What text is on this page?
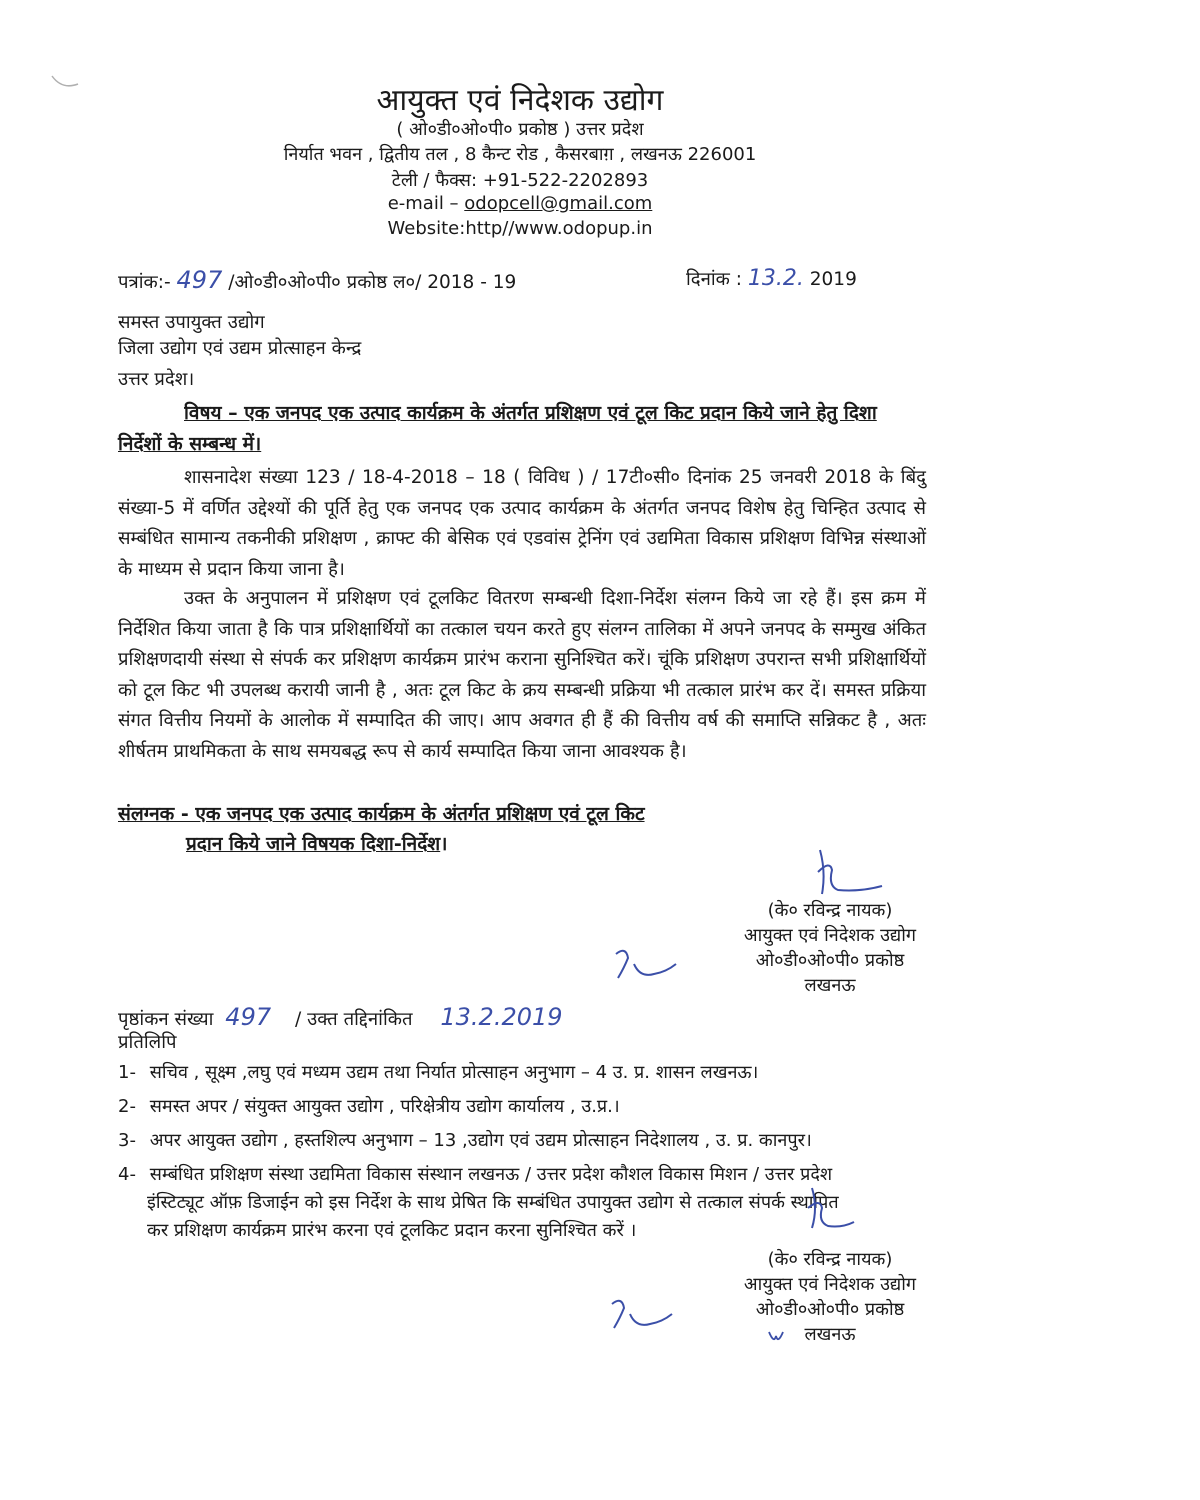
आयुक्त एवं निदेशक उद्योग
( ओ०डी०ओ०पी० प्रकोष्ठ ) उत्तर प्रदेश
निर्यात भवन , द्वितीय तल , 8 कैन्ट रोड , कैसरबाग़ , लखनऊ 226001
टेली / फैक्स: +91-522-2202893
e-mail – odopcell@gmail.com
Website:http//www.odopup.in
पत्रांक:- 497 /ओ०डी०ओ०पी० प्रकोष्ठ ल०/ 2018 - 19	दिनांक : 13.2. 2019
समस्त उपायुक्त उद्योग
जिला उद्योग एवं उद्यम प्रोत्साहन केन्द्र
उत्तर प्रदेश।
विषय – एक जनपद एक उत्पाद कार्यक्रम के अंतर्गत प्रशिक्षण एवं टूल किट प्रदान किये जाने हेतु दिशा
निर्देशों के सम्बन्ध में।
शासनादेश संख्या 123 / 18-4-2018 – 18 ( विविध ) / 17टी०सी० दिनांक 25 जनवरी 2018 के बिंदु संख्या-5 में वर्णित उद्देश्यों की पूर्ति हेतु एक जनपद एक उत्पाद कार्यक्रम के अंतर्गत जनपद विशेष हेतु चिन्हित उत्पाद से सम्बंधित सामान्य तकनीकी प्रशिक्षण , क्राफ्ट की बेसिक एवं एडवांस ट्रेनिंग एवं उद्यमिता विकास प्रशिक्षण विभिन्न संस्थाओं के माध्यम से प्रदान किया जाना है।
उक्त के अनुपालन में प्रशिक्षण एवं टूलकिट वितरण सम्बन्धी दिशा-निर्देश संलग्न किये जा रहे हैं। इस क्रम में निर्देशित किया जाता है कि पात्र प्रशिक्षार्थियों का तत्काल चयन करते हुए संलग्न तालिका में अपने जनपद के सम्मुख अंकित प्रशिक्षणदायी संस्था से संपर्क कर प्रशिक्षण कार्यक्रम प्रारंभ कराना सुनिश्चित करें। चूंकि प्रशिक्षण उपरान्त सभी प्रशिक्षार्थियों को टूल किट भी उपलब्ध करायी जानी है , अतः टूल किट के क्रय सम्बन्धी प्रक्रिया भी तत्काल प्रारंभ कर दें। समस्त प्रक्रिया संगत वित्तीय नियमों के आलोक में सम्पादित की जाए। आप अवगत ही हैं की वित्तीय वर्ष की समाप्ति सन्निकट है , अतः शीर्षतम प्राथमिकता के साथ समयबद्ध रूप से कार्य सम्पादित किया जाना आवश्यक है।
संलग्नक - एक जनपद एक उत्पाद कार्यक्रम के अंतर्गत प्रशिक्षण एवं टूल किट
प्रदान किये जाने विषयक दिशा-निर्देश।
(के० रविन्द्र नायक)
आयुक्त एवं निदेशक उद्योग
ओ०डी०ओ०पी० प्रकोष्ठ
लखनऊ
पृष्ठांकन संख्या 497 / उक्त तद्दिनांकित 13.2.2019
प्रतिलिपि
1- सचिव , सूक्ष्म ,लघु एवं मध्यम उद्यम तथा निर्यात प्रोत्साहन अनुभाग – 4 उ. प्र. शासन लखनऊ।
2- समस्त अपर / संयुक्त आयुक्त उद्योग , परिक्षेत्रीय उद्योग कार्यालय , उ.प्र.।
3- अपर आयुक्त उद्योग , हस्तशिल्प अनुभाग – 13 ,उद्योग एवं उद्यम प्रोत्साहन निदेशालय , उ. प्र. कानपुर।
4- सम्बंधित प्रशिक्षण संस्था उद्यमिता विकास संस्थान लखनऊ / उत्तर प्रदेश कौशल विकास मिशन / उत्तर प्रदेश
इंस्टिट्यूट ऑफ़ डिजाईन को इस निर्देश के साथ प्रेषित कि सम्बंधित उपायुक्त उद्योग से तत्काल संपर्क स्थापित
कर प्रशिक्षण कार्यक्रम प्रारंभ करना एवं टूलकिट प्रदान करना सुनिश्चित करें ।
(के० रविन्द्र नायक)
आयुक्त एवं निदेशक उद्योग
ओ०डी०ओ०पी० प्रकोष्ठ
लखनऊ
